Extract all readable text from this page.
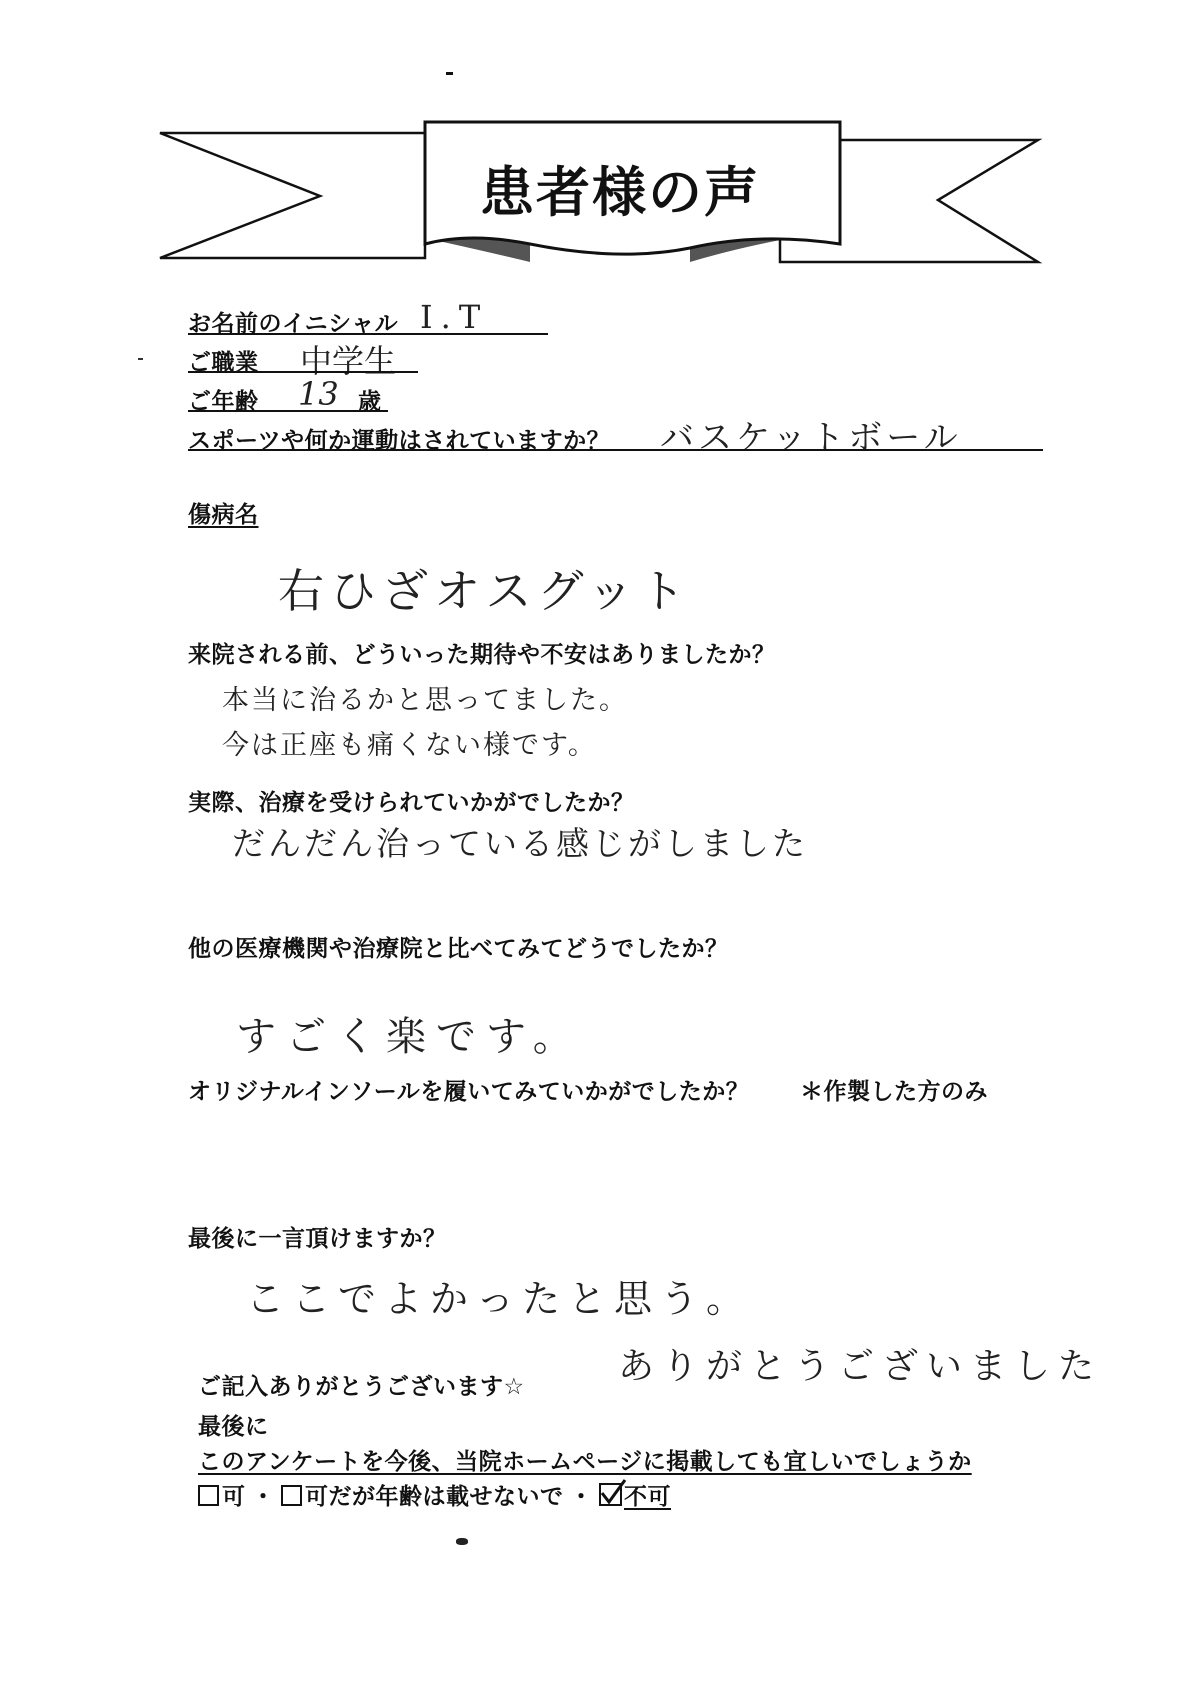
患者様の声
お名前のイニシャル I.T
ご職業 中学生
ご年齢 13 歳
スポーツや何か運動はされていますか？ バスケットボール
傷病名
右ひざオスグット
来院される前、どういった期待や不安はありましたか？
本当に治るかと思ってました。
今は正座も痛くない様です。
実際、治療を受けられていかがでしたか？
だんだん治っている感じがしました
他の医療機関や治療院と比べてみてどうでしたか？
すごく楽です。
オリジナルインソールを履いてみていかがでしたか？ ＊作製した方のみ
最後に一言頂けますか？
ここでよかったと思う。
ありがとうございました
ご記入ありがとうございます☆
最後に
このアンケートを今後、当院ホームページに掲載しても宜しいでしょうか
可 ・ 可だが年齢は載せないで ・ 不可
